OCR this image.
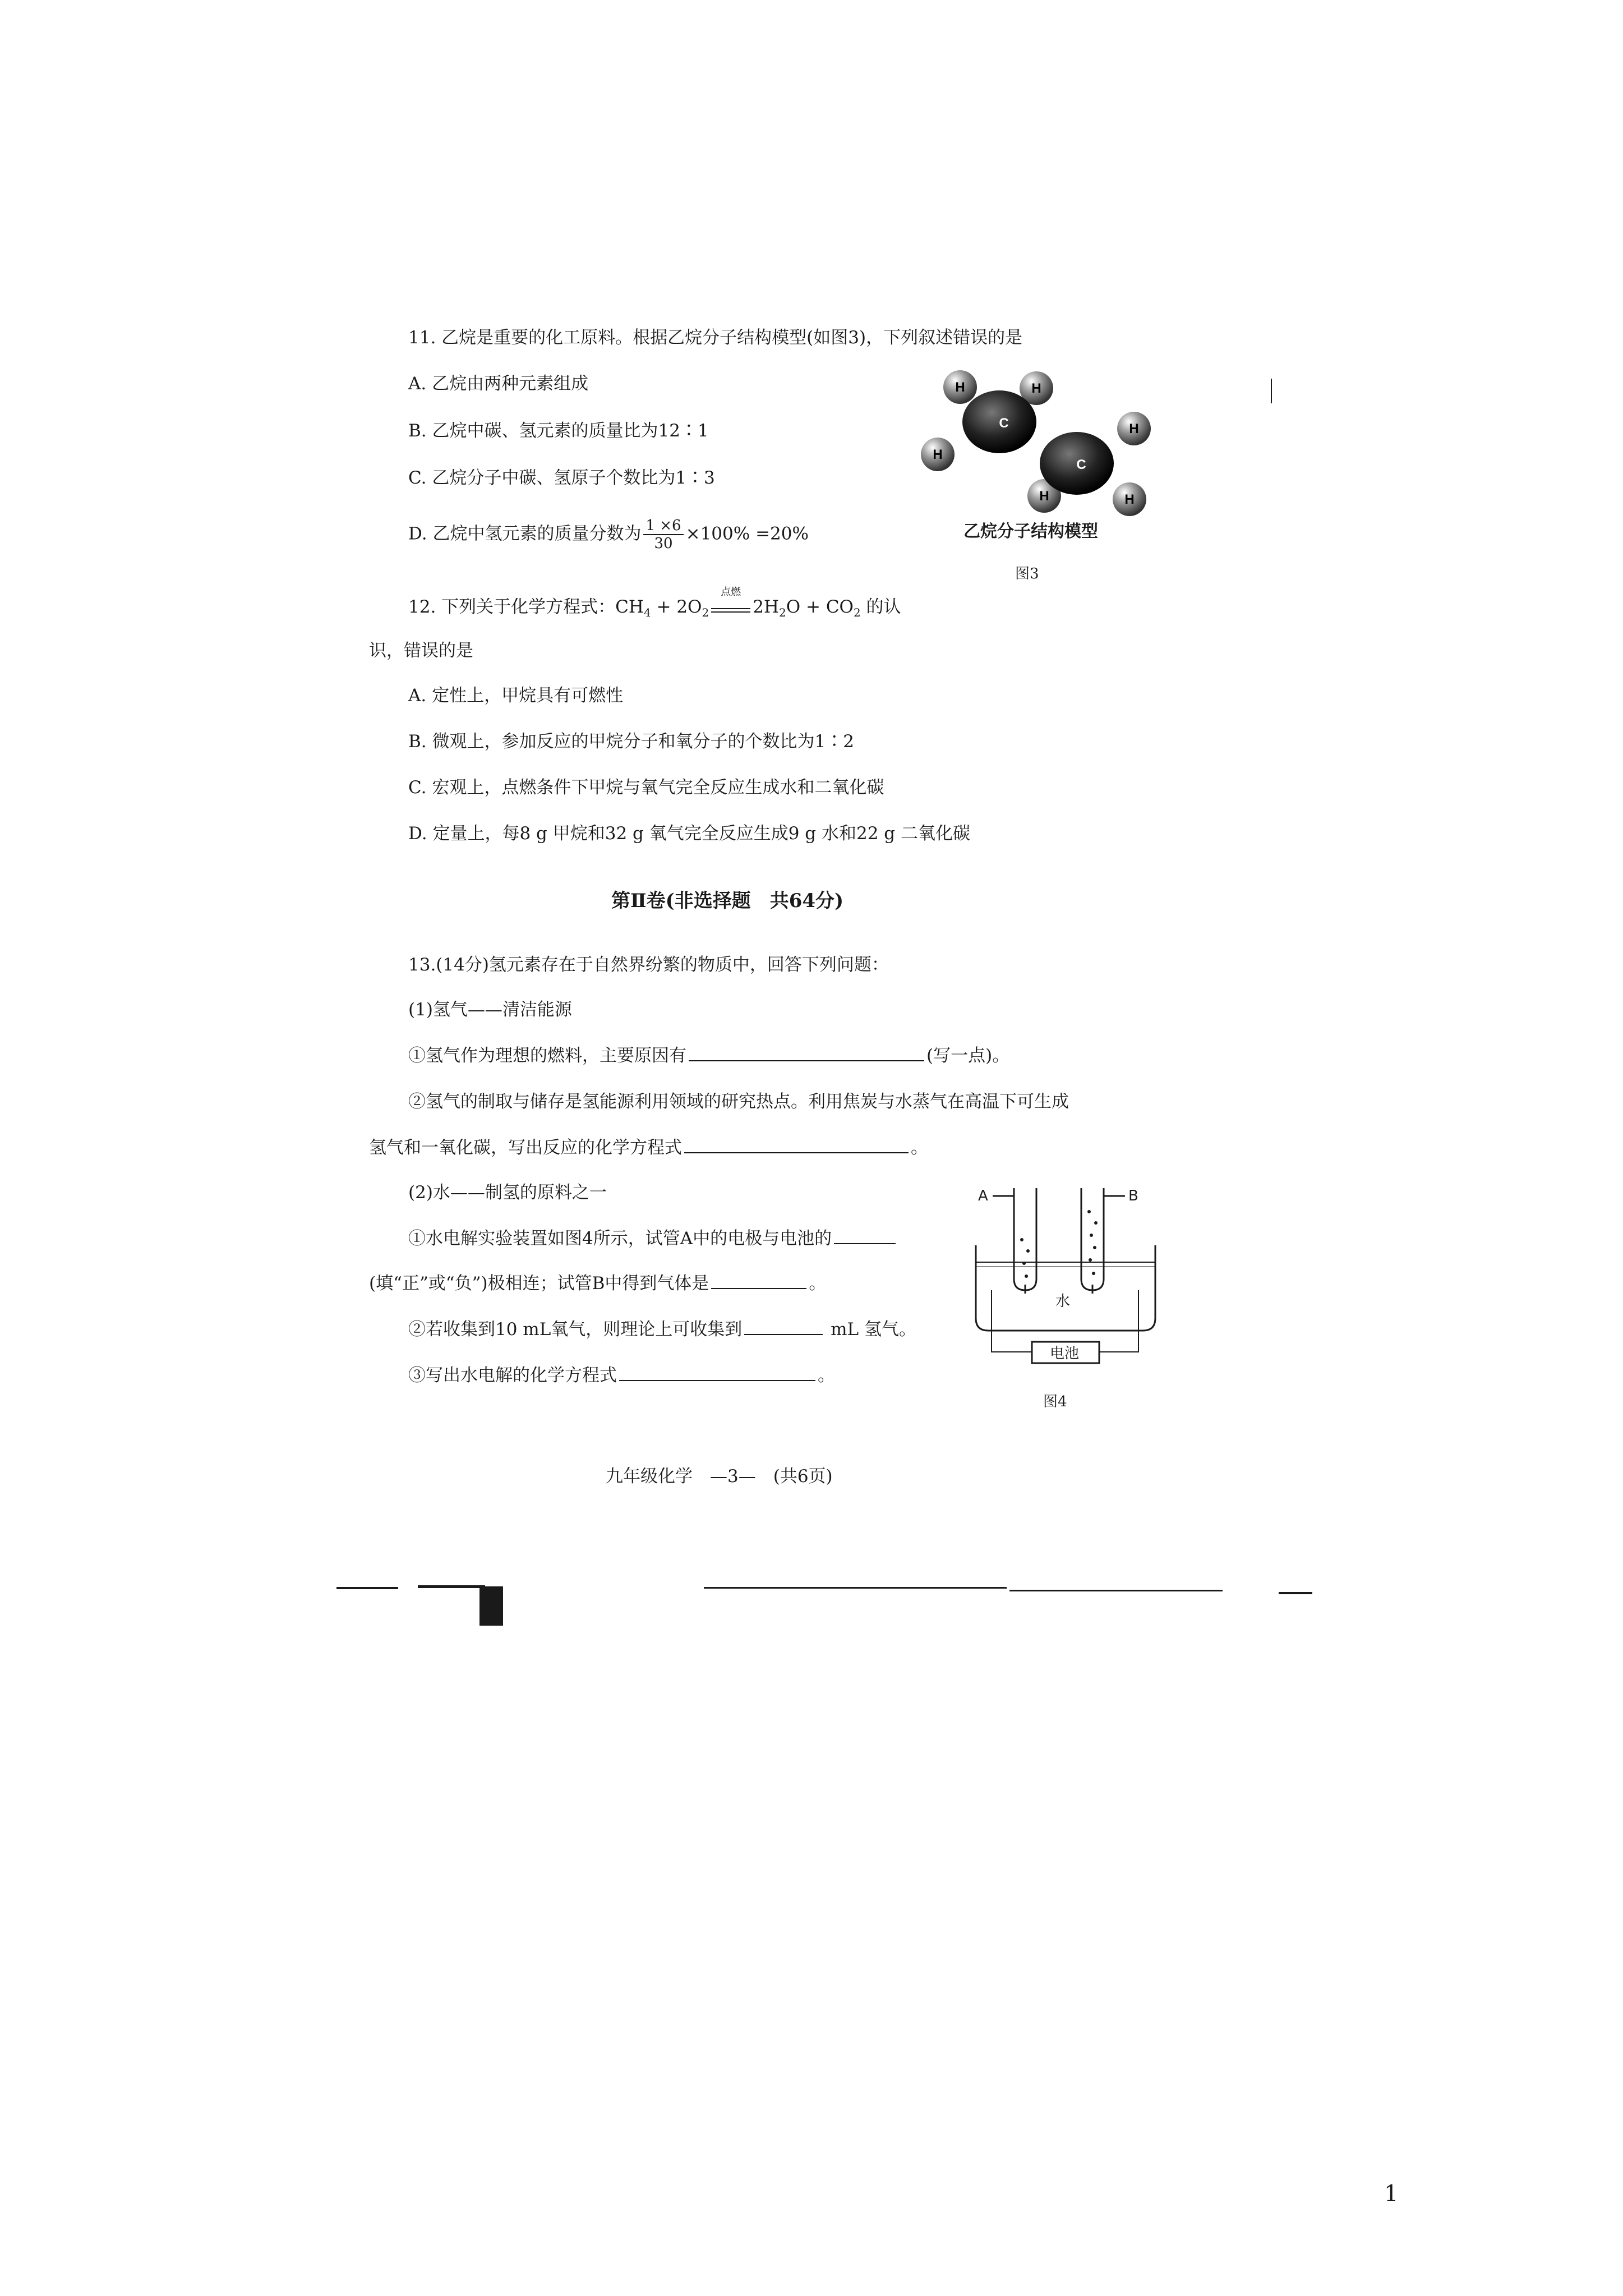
11. 乙烷是重要的化工原料。根据乙烷分子结构模型(如图3)，下列叙述错误的是
A. 乙烷由两种元素组成
B. 乙烷中碳、氢元素的质量比为12∶1
C. 乙烷分子中碳、氢原子个数比为1∶3
D. 乙烷中氢元素的质量分数为 $\frac{1 \times 6}{30} \times 100\% =20\%$
H	H
H
H
H	H
C
C
乙烷分子结构模型
图3
12. 下列关于化学方程式：$CH_4 + 2O_2$
点燃
$2H_2O + CO_2$ 的认
识，错误的是
A. 定性上，甲烷具有可燃性
B. 微观上，参加反应的甲烷分子和氧分子的个数比为1∶2
C. 宏观上，点燃条件下甲烷与氧气完全反应生成水和二氧化碳
D. 定量上，每8 g 甲烷和32 g 氧气完全反应生成9 g 水和22 g 二氧化碳
第Ⅱ卷(非选择题　共64分)
13.(14分)氢元素存在于自然界纷繁的物质中，回答下列问题：
(1)氢气——清洁能源
①氢气作为理想的燃料，主要原因有	(写一点)。
②氢气的制取与储存是氢能源利用领域的研究热点。利用焦炭与水蒸气在高温下可生成
氢气和一氧化碳，写出反应的化学方程式	。
(2)水——制氢的原料之一
①水电解实验装置如图4所示，试管A中的电极与电池的
(填“正”或“负”)极相连；试管B中得到气体是	。
②若收集到10 mL氧气，则理论上可收集到	mL 氢气。
③写出水电解的化学方程式	。
A	B
水
电池
图4
九年级化学　—3—　(共6页)
1
